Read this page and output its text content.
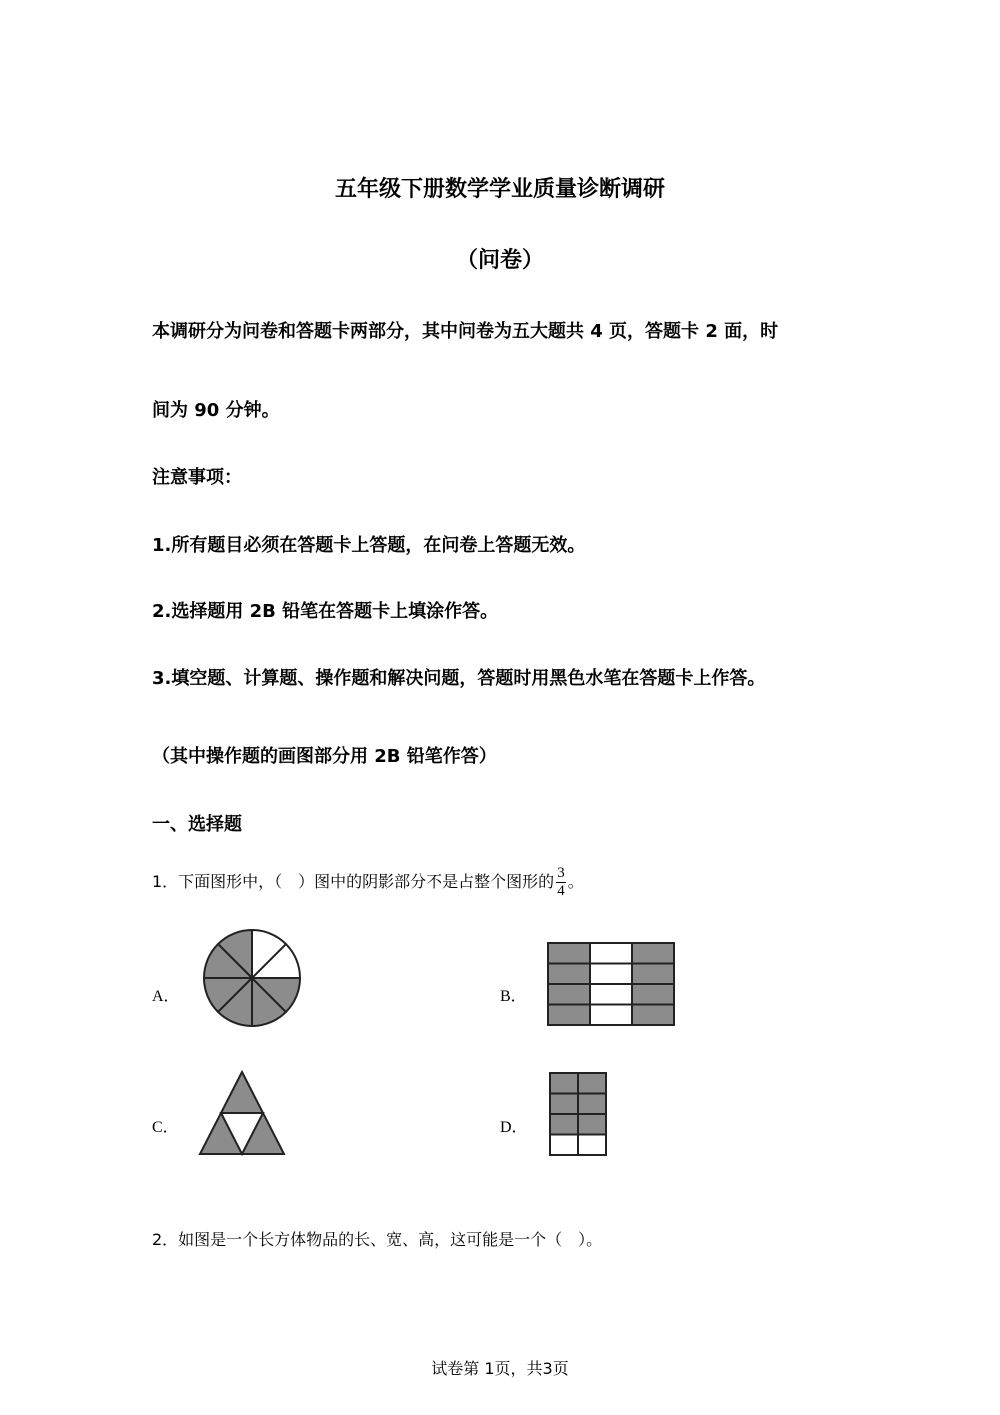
五年级下册数学学业质量诊断调研
（问卷）
本调研分为问卷和答题卡两部分，其中问卷为五大题共 4 页，答题卡 2 面，时
间为 90 分钟。
注意事项：
1.所有题目必须在答题卡上答题，在问卷上答题无效。
2.选择题用 2B 铅笔在答题卡上填涂作答。
3.填空题、计算题、操作题和解决问题，答题时用黑色水笔在答题卡上作答。
（其中操作题的画图部分用 2B 铅笔作答）
一、选择题
1．下面图形中，（　）图中的阴影部分不是占整个图形的 $\frac{3}{4}$ 。
A．	B．
C．	D．
2．如图是一个长方体物品的长、宽、高，这可能是一个（　）。
试卷第 1页，共3页
